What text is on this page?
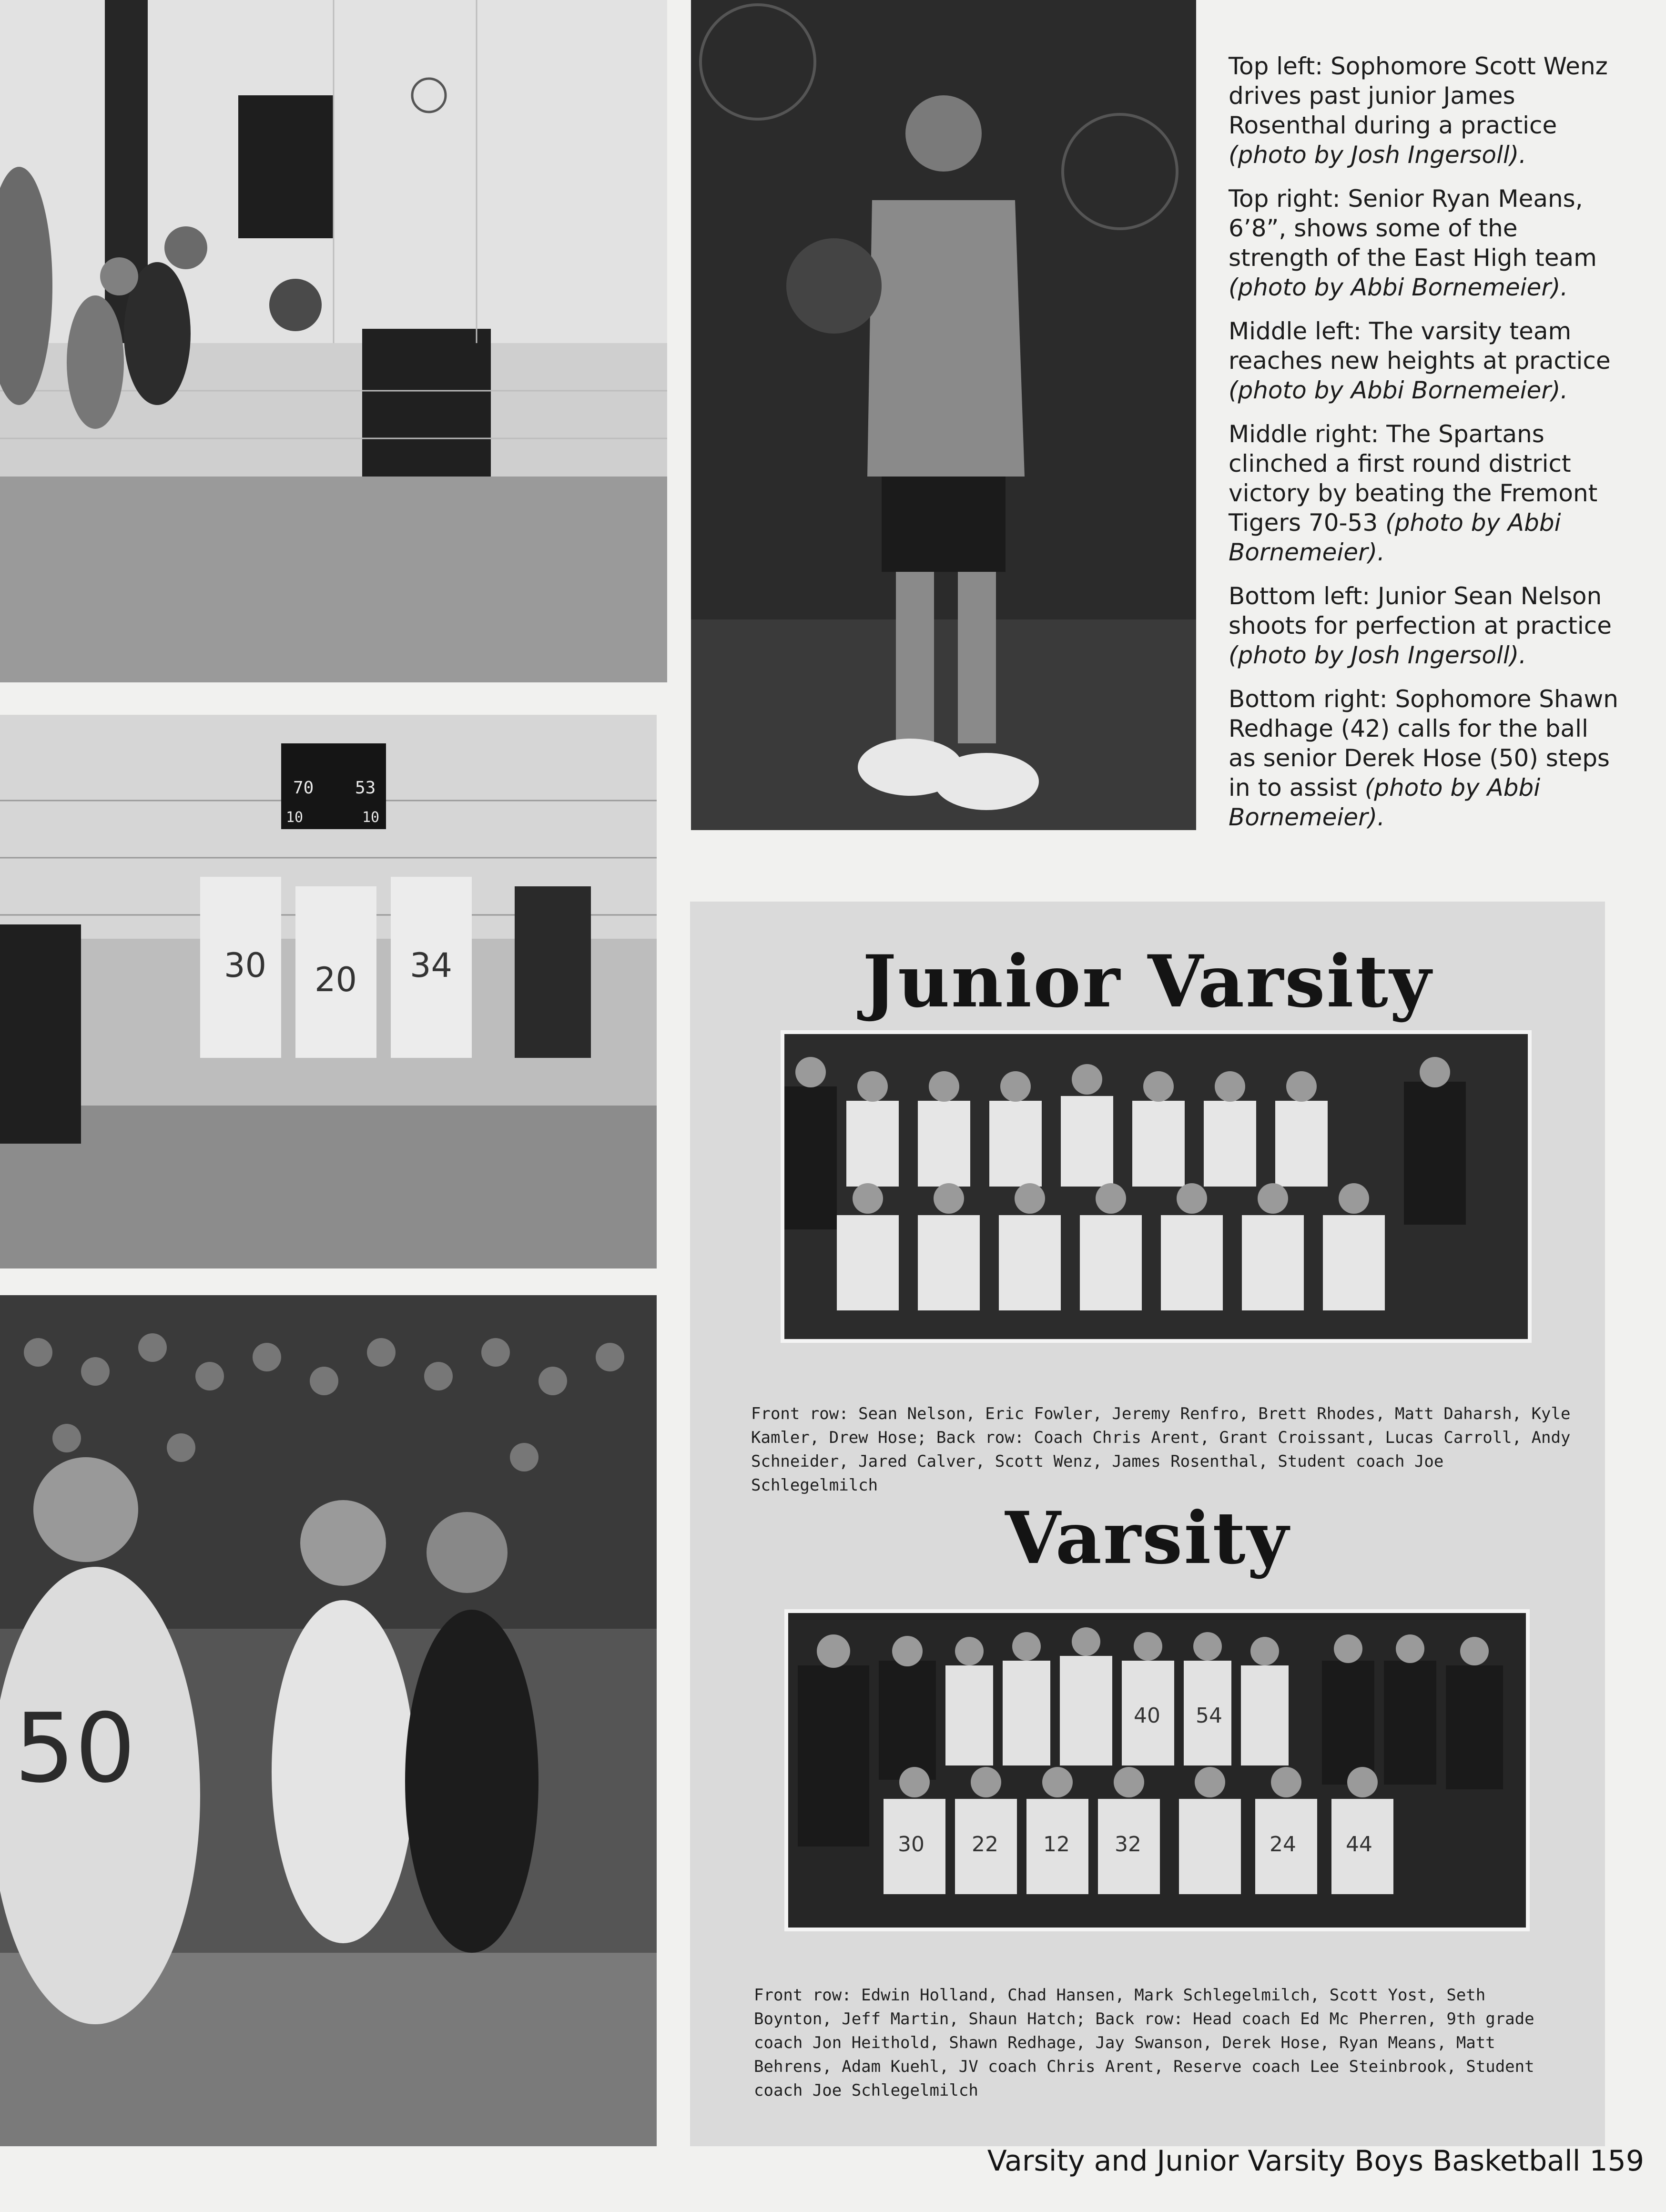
70 53
10	10
30 20 34
50

Top left: Sophomore Scott Wenz drives past junior James Rosenthal during a practice (photo by Josh Ingersoll).

Top right: Senior Ryan Means, 6’8”, shows some of the strength of the East High team (photo by Abbi Bornemeier).

Middle left: The varsity team reaches new heights at practice (photo by Abbi Bornemeier).

Middle right: The Spartans clinched a first round district victory by beating the Fremont Tigers 70-53 (photo by Abbi Bornemeier).

Bottom left: Junior Sean Nelson shoots for perfection at practice (photo by Josh Ingersoll).

Bottom right: Sophomore Shawn Redhage (42) calls for the ball as senior Derek Hose (50) steps in to assist (photo by Abbi Bornemeier).

Junior Varsity
Front row: Sean Nelson, Eric Fowler, Jeremy Renfro, Brett Rhodes, Matt Daharsh, Kyle Kamler, Drew Hose; Back row: Coach Chris Arent, Grant Croissant, Lucas Carroll, Andy Schneider, Jared Calver, Scott Wenz, James Rosenthal, Student coach Joe Schlegelmilch
Varsity
30 22 12 32
40 54
24 44
Front row: Edwin Holland, Chad Hansen, Mark Schlegelmilch, Scott Yost, Seth Boynton, Jeff Martin, Shaun Hatch; Back row: Head coach Ed Mc Pherren, 9th grade coach Jon Heithold, Shawn Redhage, Jay Swanson, Derek Hose, Ryan Means, Matt Behrens, Adam Kuehl, JV coach Chris Arent, Reserve coach Lee Steinbrook, Student coach Joe Schlegelmilch
Varsity and Junior Varsity Boys Basketball 159
